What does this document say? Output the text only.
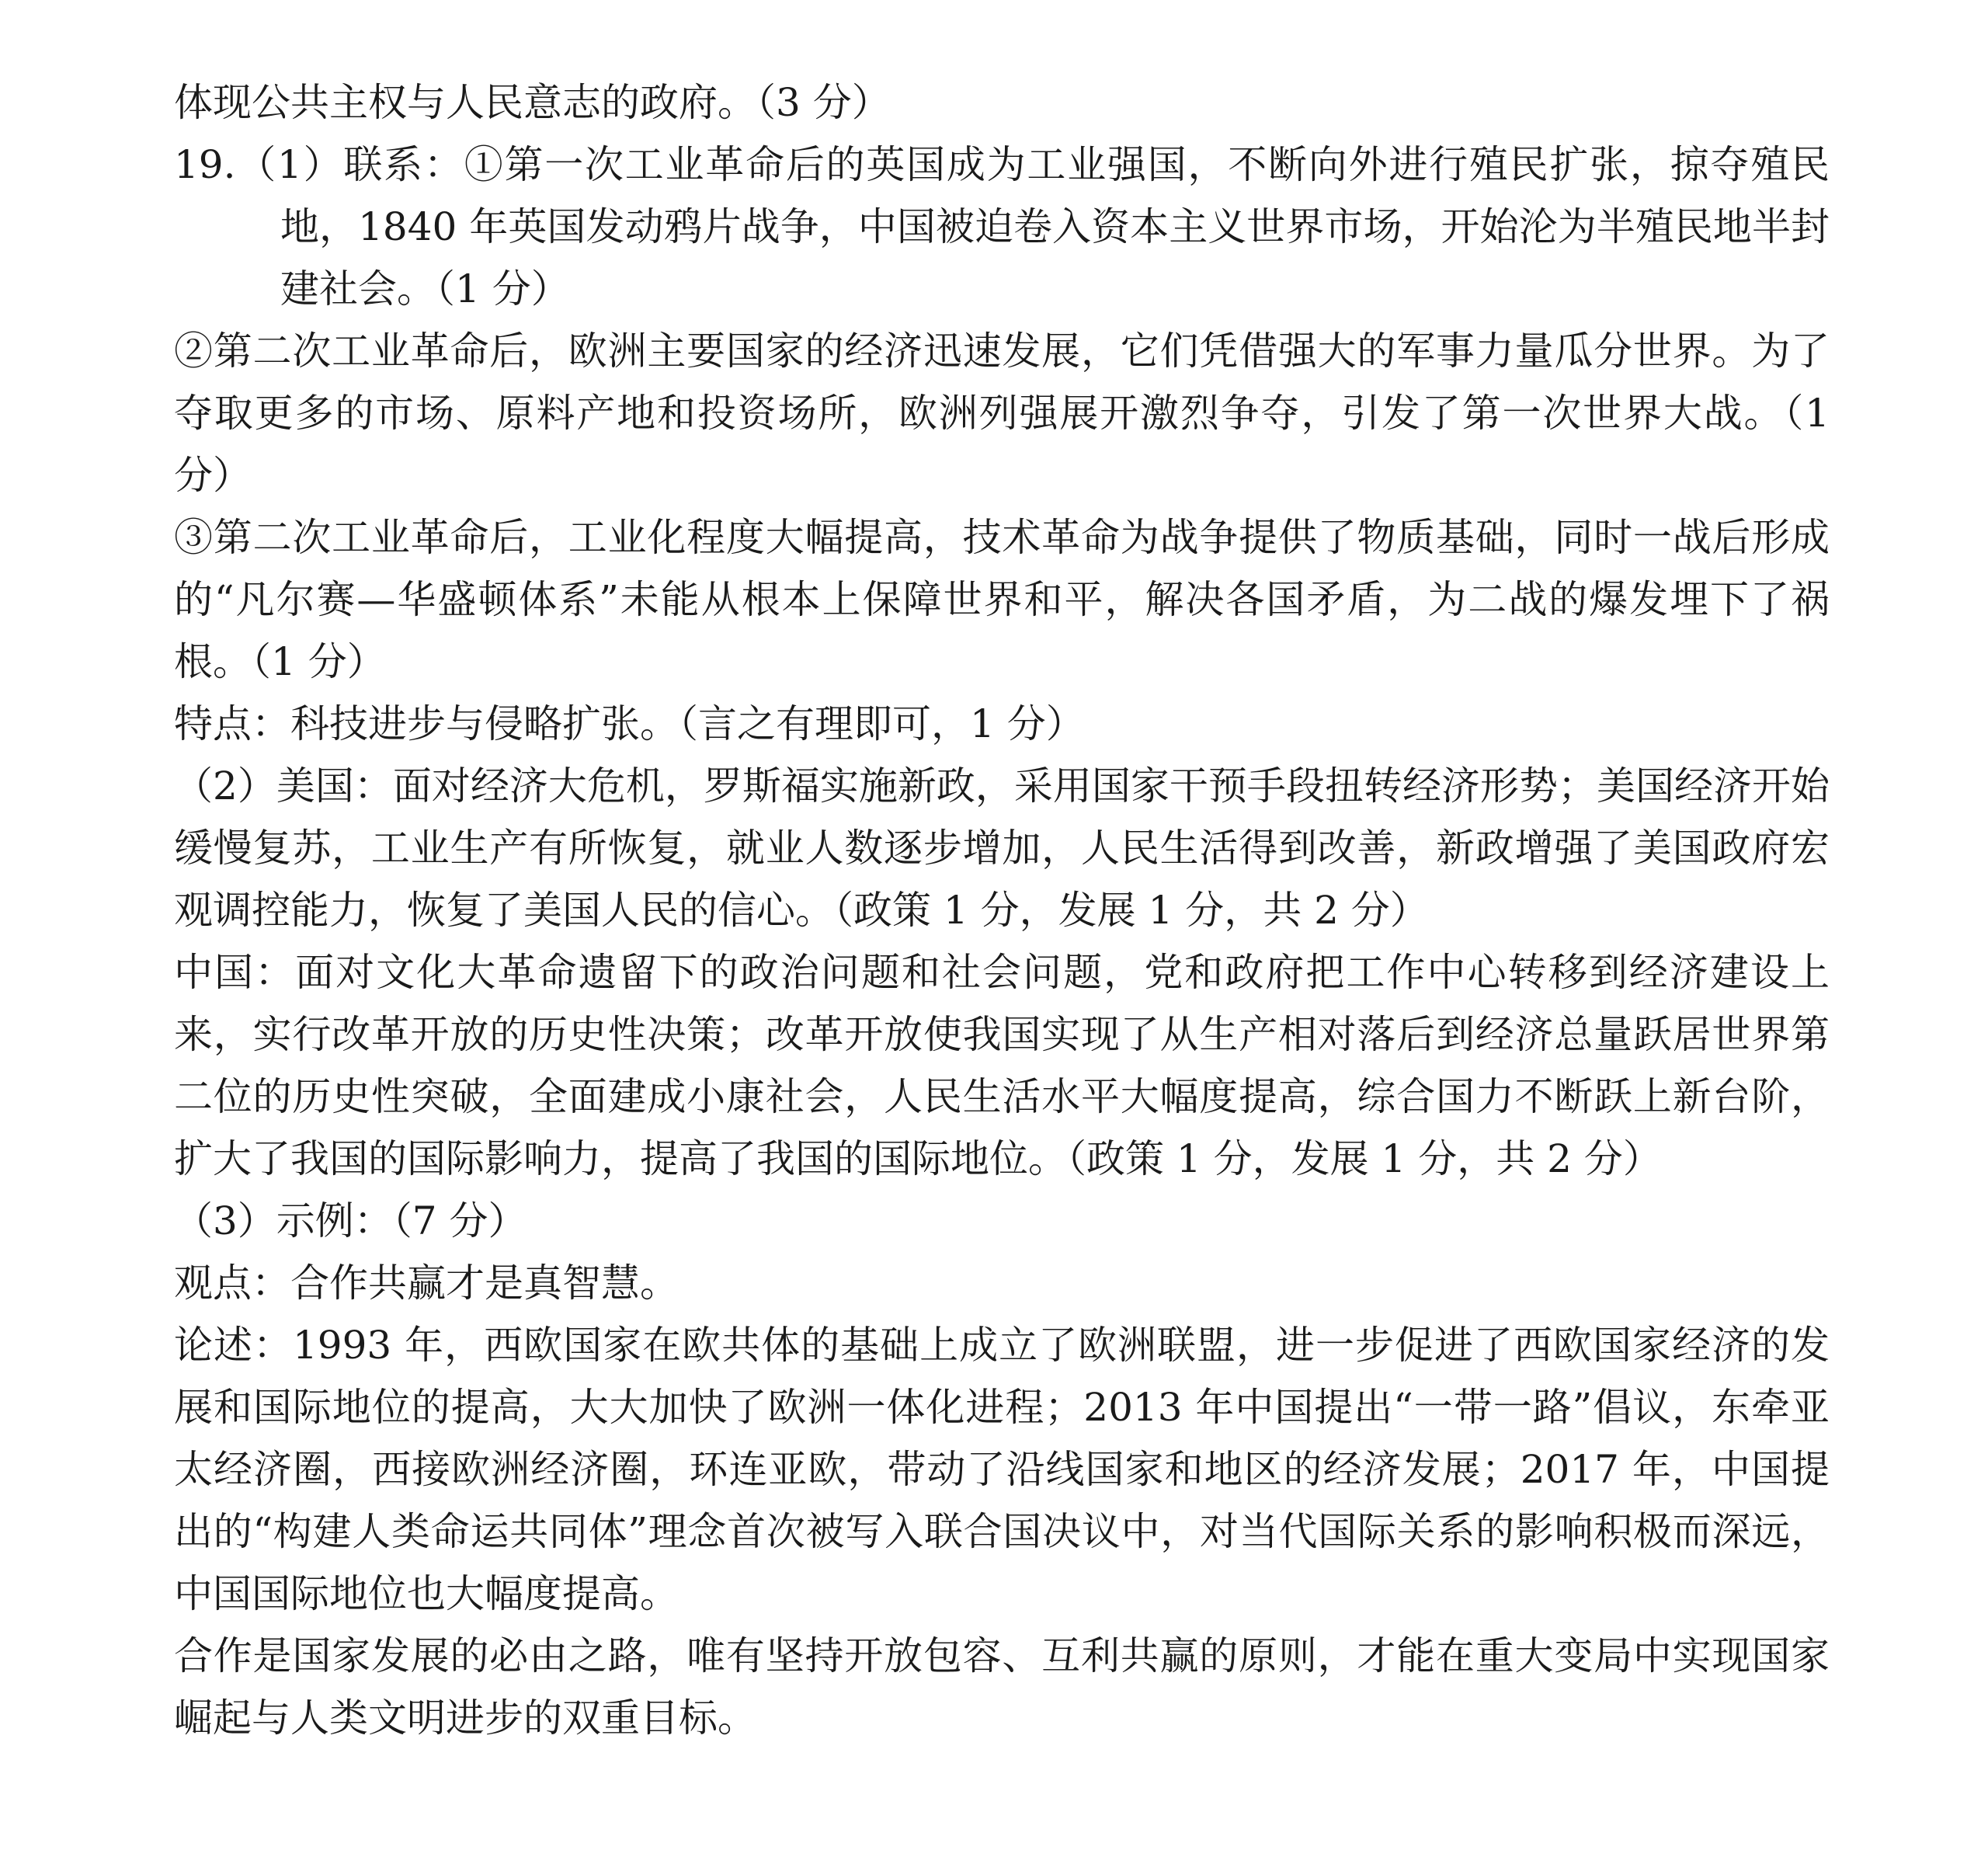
体现公共主权与人民意志的政府。（3 分）

19.（1）联系：①第一次工业革命后的英国成为工业强国，不断向外进行殖民扩张，掠夺殖民地，1840 年英国发动鸦片战争，中国被迫卷入资本主义世界市场，开始沦为半殖民地半封建社会。（1 分）

②第二次工业革命后，欧洲主要国家的经济迅速发展，它们凭借强大的军事力量瓜分世界。为了夺取更多的市场、原料产地和投资场所，欧洲列强展开激烈争夺，引发了第一次世界大战。（1 分）

③第二次工业革命后，工业化程度大幅提高，技术革命为战争提供了物质基础，同时一战后形成的“凡尔赛—华盛顿体系”未能从根本上保障世界和平，解决各国矛盾，为二战的爆发埋下了祸根。（1 分）

特点：科技进步与侵略扩张。（言之有理即可，1 分）

（2）美国：面对经济大危机，罗斯福实施新政，采用国家干预手段扭转经济形势；美国经济开始缓慢复苏，工业生产有所恢复，就业人数逐步增加，人民生活得到改善，新政增强了美国政府宏观调控能力，恢复了美国人民的信心。（政策 1 分，发展 1 分，共 2 分）

中国：面对文化大革命遗留下的政治问题和社会问题，党和政府把工作中心转移到经济建设上来，实行改革开放的历史性决策；改革开放使我国实现了从生产相对落后到经济总量跃居世界第二位的历史性突破，全面建成小康社会，人民生活水平大幅度提高，综合国力不断跃上新台阶，扩大了我国的国际影响力，提高了我国的国际地位。（政策 1 分，发展 1 分，共 2 分）

（3）示例：（7 分）

观点：合作共赢才是真智慧。

论述：1993 年，西欧国家在欧共体的基础上成立了欧洲联盟，进一步促进了西欧国家经济的发展和国际地位的提高，大大加快了欧洲一体化进程；2013 年中国提出“一带一路”倡议，东牵亚太经济圈，西接欧洲经济圈，环连亚欧，带动了沿线国家和地区的经济发展；2017 年，中国提出的“构建人类命运共同体”理念首次被写入联合国决议中，对当代国际关系的影响积极而深远，中国国际地位也大幅度提高。

合作是国家发展的必由之路，唯有坚持开放包容、互利共赢的原则，才能在重大变局中实现国家崛起与人类文明进步的双重目标。
